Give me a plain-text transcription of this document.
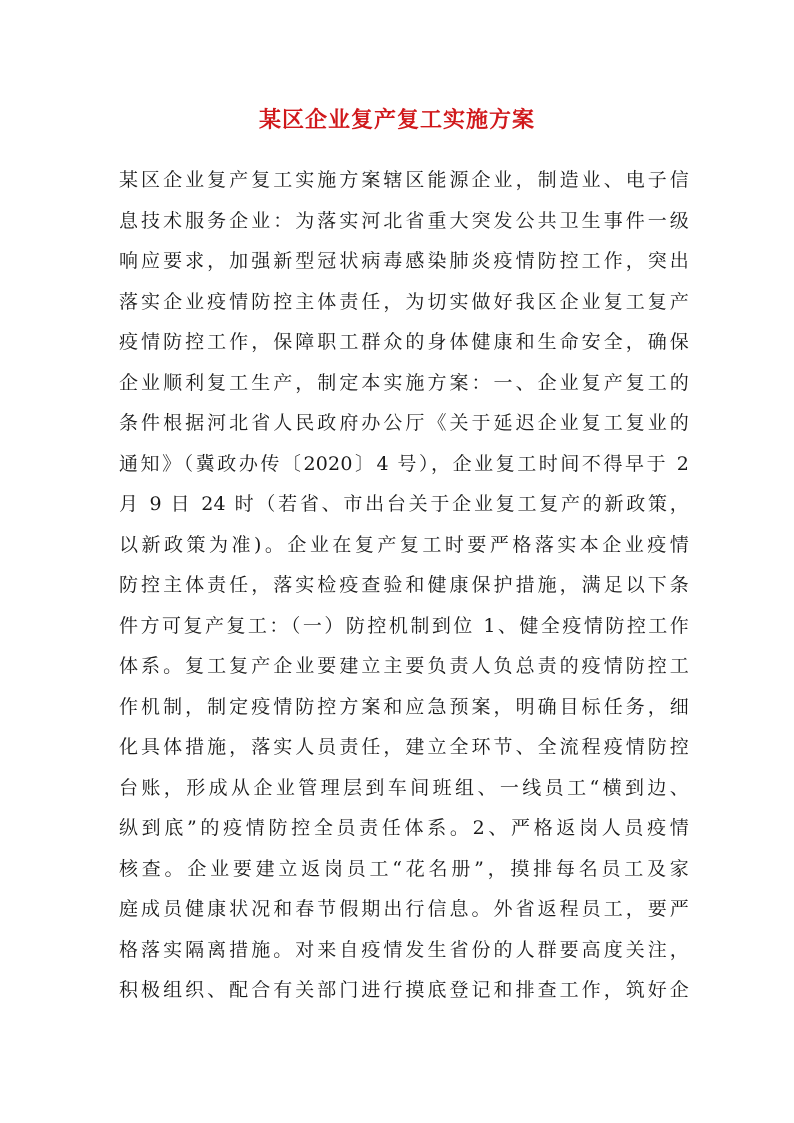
某区企业复产复工实施方案
某区企业复产复工实施方案辖区能源企业，制造业、电子信
息技术服务企业：为落实河北省重大突发公共卫生事件一级
响应要求，加强新型冠状病毒感染肺炎疫情防控工作，突出
落实企业疫情防控主体责任，为切实做好我区企业复工复产
疫情防控工作，保障职工群众的身体健康和生命安全，确保
企业顺利复工生产，制定本实施方案：一、企业复产复工的
条件根据河北省人民政府办公厅《关于延迟企业复工复业的
通知》（冀政办传〔2020〕4 号），企业复工时间不得早于 2
月 9 日 24 时（若省、市出台关于企业复工复产的新政策，
以新政策为准)。企业在复产复工时要严格落实本企业疫情
防控主体责任，落实检疫查验和健康保护措施，满足以下条
件方可复产复工：（一）防控机制到位 1、健全疫情防控工作
体系。复工复产企业要建立主要负责人负总责的疫情防控工
作机制，制定疫情防控方案和应急预案，明确目标任务，细
化具体措施，落实人员责任，建立全环节、全流程疫情防控
台账，形成从企业管理层到车间班组、一线员工“横到边、
纵到底”的疫情防控全员责任体系。2、严格返岗人员疫情
核查。企业要建立返岗员工“花名册”，摸排每名员工及家
庭成员健康状况和春节假期出行信息。外省返程员工，要严
格落实隔离措施。对来自疫情发生省份的人群要高度关注，
积极组织、配合有关部门进行摸底登记和排查工作，筑好企
